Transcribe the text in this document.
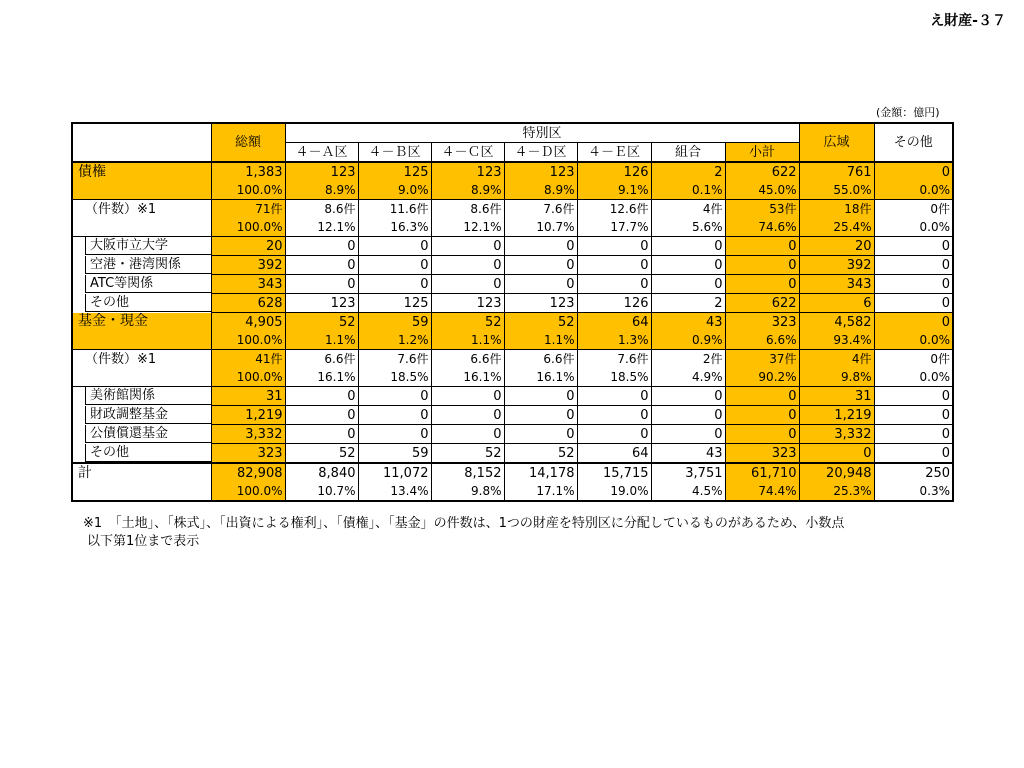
え財産-３７
(金額：億円)
	総額	特別区							広域	その他
		４－Ａ区	４－Ｂ区	４－Ｃ区	４－Ｄ区	４－Ｅ区	組合	小計		

債権	1,383	123	125	123	123	126	2	622	761	0
	100.0%	8.9%	9.0%	8.9%	8.9%	9.1%	0.1%	45.0%	55.0%	0.0%

（件数）※1	71件	8.6件	11.6件	8.6件	7.6件	12.6件	4件	53件	18件	0件
	100.0%	12.1%	16.3%	12.1%	10.7%	17.7%	5.6%	74.6%	25.4%	0.0%

大阪市立大学	20	0	0	0	0	0	0	0	20	0

空港・港湾関係	392	0	0	0	0	0	0	0	392	0

ATC等関係	343	0	0	0	0	0	0	0	343	0

その他	628	123	125	123	123	126	2	622	6	0

基金・現金	4,905	52	59	52	52	64	43	323	4,582	0
	100.0%	1.1%	1.2%	1.1%	1.1%	1.3%	0.9%	6.6%	93.4%	0.0%

（件数）※1	41件	6.6件	7.6件	6.6件	6.6件	7.6件	2件	37件	4件	0件
	100.0%	16.1%	18.5%	16.1%	16.1%	18.5%	4.9%	90.2%	9.8%	0.0%

美術館関係	31	0	0	0	0	0	0	0	31	0

財政調整基金	1,219	0	0	0	0	0	0	0	1,219	0

公債償還基金	3,332	0	0	0	0	0	0	0	3,332	0

その他	323	52	59	52	52	64	43	323	0	0

計	82,908	8,840	11,072	8,152	14,178	15,715	3,751	61,710	20,948	250
	100.0%	10.7%	13.4%	9.8%	17.1%	19.0%	4.5%	74.4%	25.3%	0.3%
※1　「土地」、「株式」、「出資による権利」、「債権」、「基金」の件数は、1つの財産を特別区に分配しているものがあるため、小数点
以下第1位まで表示
